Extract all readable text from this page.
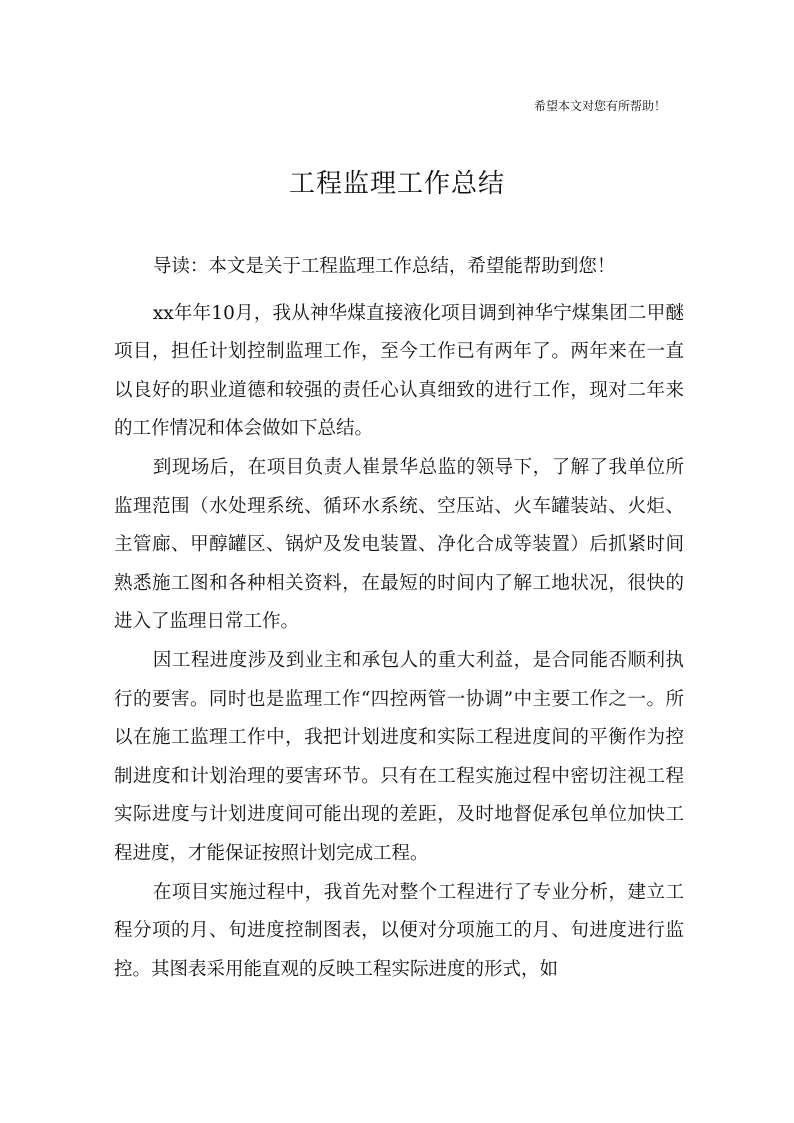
希望本文对您有所帮助！
工程监理工作总结

导读：本文是关于工程监理工作总结，希望能帮助到您！

xx年年10月，我从神华煤直接液化项目调到神华宁煤集团二甲醚项目，担任计划控制监理工作，至今工作已有两年了。两年来在一直以良好的职业道德和较强的责任心认真细致的进行工作，现对二年来的工作情况和体会做如下总结。

到现场后，在项目负责人崔景华总监的领导下，了解了我单位所监理范围（水处理系统、循环水系统、空压站、火车罐装站、火炬、主管廊、甲醇罐区、锅炉及发电装置、净化合成等装置）后抓紧时间熟悉施工图和各种相关资料，在最短的时间内了解工地状况，很快的进入了监理日常工作。

因工程进度涉及到业主和承包人的重大利益，是合同能否顺利执行的要害。同时也是监理工作“四控两管一协调”中主要工作之一。所以在施工监理工作中，我把计划进度和实际工程进度间的平衡作为控制进度和计划治理的要害环节。只有在工程实施过程中密切注视工程实际进度与计划进度间可能出现的差距，及时地督促承包单位加快工程进度，才能保证按照计划完成工程。

在项目实施过程中，我首先对整个工程进行了专业分析，建立工程分项的月、旬进度控制图表，以便对分项施工的月、旬进度进行监控。其图表采用能直观的反映工程实际进度的形式，如
